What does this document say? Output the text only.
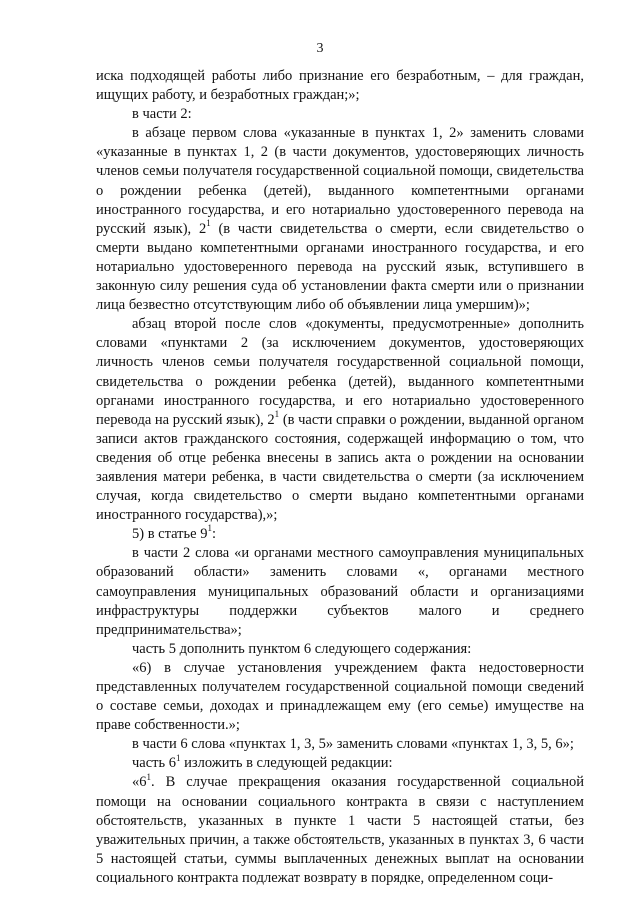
3

иска подходящей работы либо признание его безработным, – для граждан, ищущих работу, и безработных граждан;»;

в части 2:

в абзаце первом слова «указанные в пунктах 1, 2» заменить словами «указанные в пунктах 1, 2 (в части документов, удостоверяющих личность членов семьи получателя государственной социальной помощи, свидетельства о рождении ребенка (детей), выданного компетентными органами иностранного государства, и его нотариально удостоверенного перевода на русский язык), $2^1$ (в части свидетельства о смерти, если свидетельство о смерти выдано компетентными органами иностранного государства, и его нотариально удостоверенного перевода на русский язык, вступившего в законную силу решения суда об установлении факта смерти или о признании лица безвестно отсутствующим либо об объявлении лица умершим)»;

абзац второй после слов «документы, предусмотренные» дополнить словами «пунктами 2 (за исключением документов, удостоверяющих личность членов семьи получателя государственной социальной помощи, свидетельства о рождении ребенка (детей), выданного компетентными органами иностранного государства, и его нотариально удостоверенного перевода на русский язык), $2^1$ (в части справки о рождении, выданной органом записи актов гражданского состояния, содержащей информацию о том, что сведения об отце ребенка внесены в запись акта о рождении на основании заявления матери ребенка, в части свидетельства о смерти (за исключением случая, когда свидетельство о смерти выдано компетентными органами иностранного государства),»;

5) в статье $9^1$:

в части 2 слова «и органами местного самоуправления муниципальных образований области» заменить словами «, органами местного самоуправления муниципальных образований области и организациями инфраструктуры поддержки субъектов малого и среднего предпринимательства»;

часть 5 дополнить пунктом 6 следующего содержания:

«6) в случае установления учреждением факта недостоверности представленных получателем государственной социальной помощи сведений о составе семьи, доходах и принадлежащем ему (его семье) имуществе на праве собственности.»;

в части 6 слова «пунктах 1, 3, 5» заменить словами «пунктах 1, 3, 5, 6»;

часть $6^1$ изложить в следующей редакции:

«$6^1$. В случае прекращения оказания государственной социальной помощи на основании социального контракта в связи с наступлением обстоятельств, указанных в пункте 1 части 5 настоящей статьи, без уважительных причин, а также обстоятельств, указанных в пунктах 3, 6 части 5 настоящей статьи, суммы выплаченных денежных выплат на основании социального контракта подлежат возврату в порядке, определенном соци-
